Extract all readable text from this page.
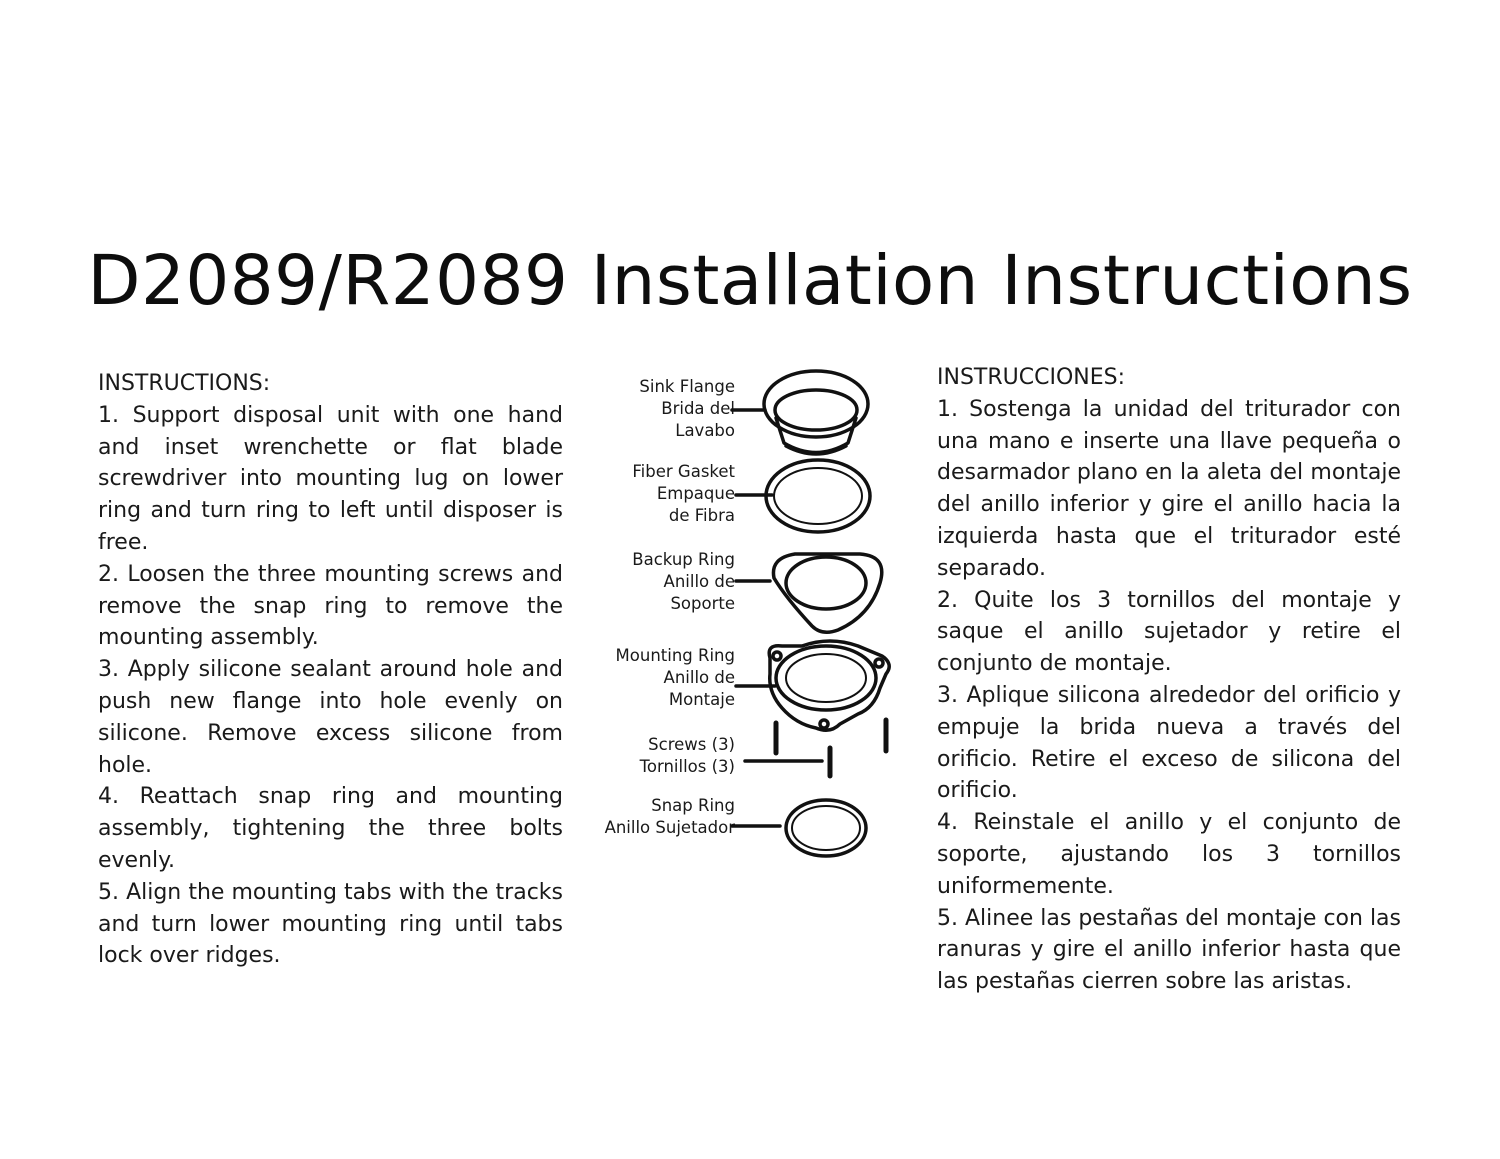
D2089/R2089 Installation Instructions

INSTRUCTIONS:

1. Support disposal unit with one hand and inset wrenchette or flat blade screwdriver into mounting lug on lower ring and turn ring to left until disposer is free.

2. Loosen the three mounting screws and remove the snap ring to remove the mounting assembly.

3. Apply silicone sealant around hole and push new flange into hole evenly on silicone. Remove excess silicone from hole.

4. Reattach snap ring and mounting assembly, tightening the three bolts evenly.

5. Align the mounting tabs with the tracks and turn lower mounting ring until tabs lock over ridges.

Sink Flange
Brida del
Lavabo
Fiber Gasket
Empaque
de Fibra
Backup Ring
Anillo de
Soporte
Mounting Ring
Anillo de
Montaje
Screws (3)
Tornillos (3)
Snap Ring
Anillo Sujetador

INSTRUCCIONES:

1. Sostenga la unidad del triturador con una mano e inserte una llave pequeña o desarmador plano en la aleta del montaje del anillo inferior y gire el anillo hacia la izquierda hasta que el triturador esté separado.

2. Quite los 3 tornillos del montaje y saque el anillo sujetador y retire el conjunto de montaje.

3. Aplique silicona alrededor del orificio y empuje la brida nueva a través del orificio. Retire el exceso de silicona del orificio.

4. Reinstale el anillo y el conjunto de soporte, ajustando los 3 tornillos uniformemente.

5. Alinee las pestañas del montaje con las ranuras y gire el anillo inferior hasta que las pestañas cierren sobre las aristas.
